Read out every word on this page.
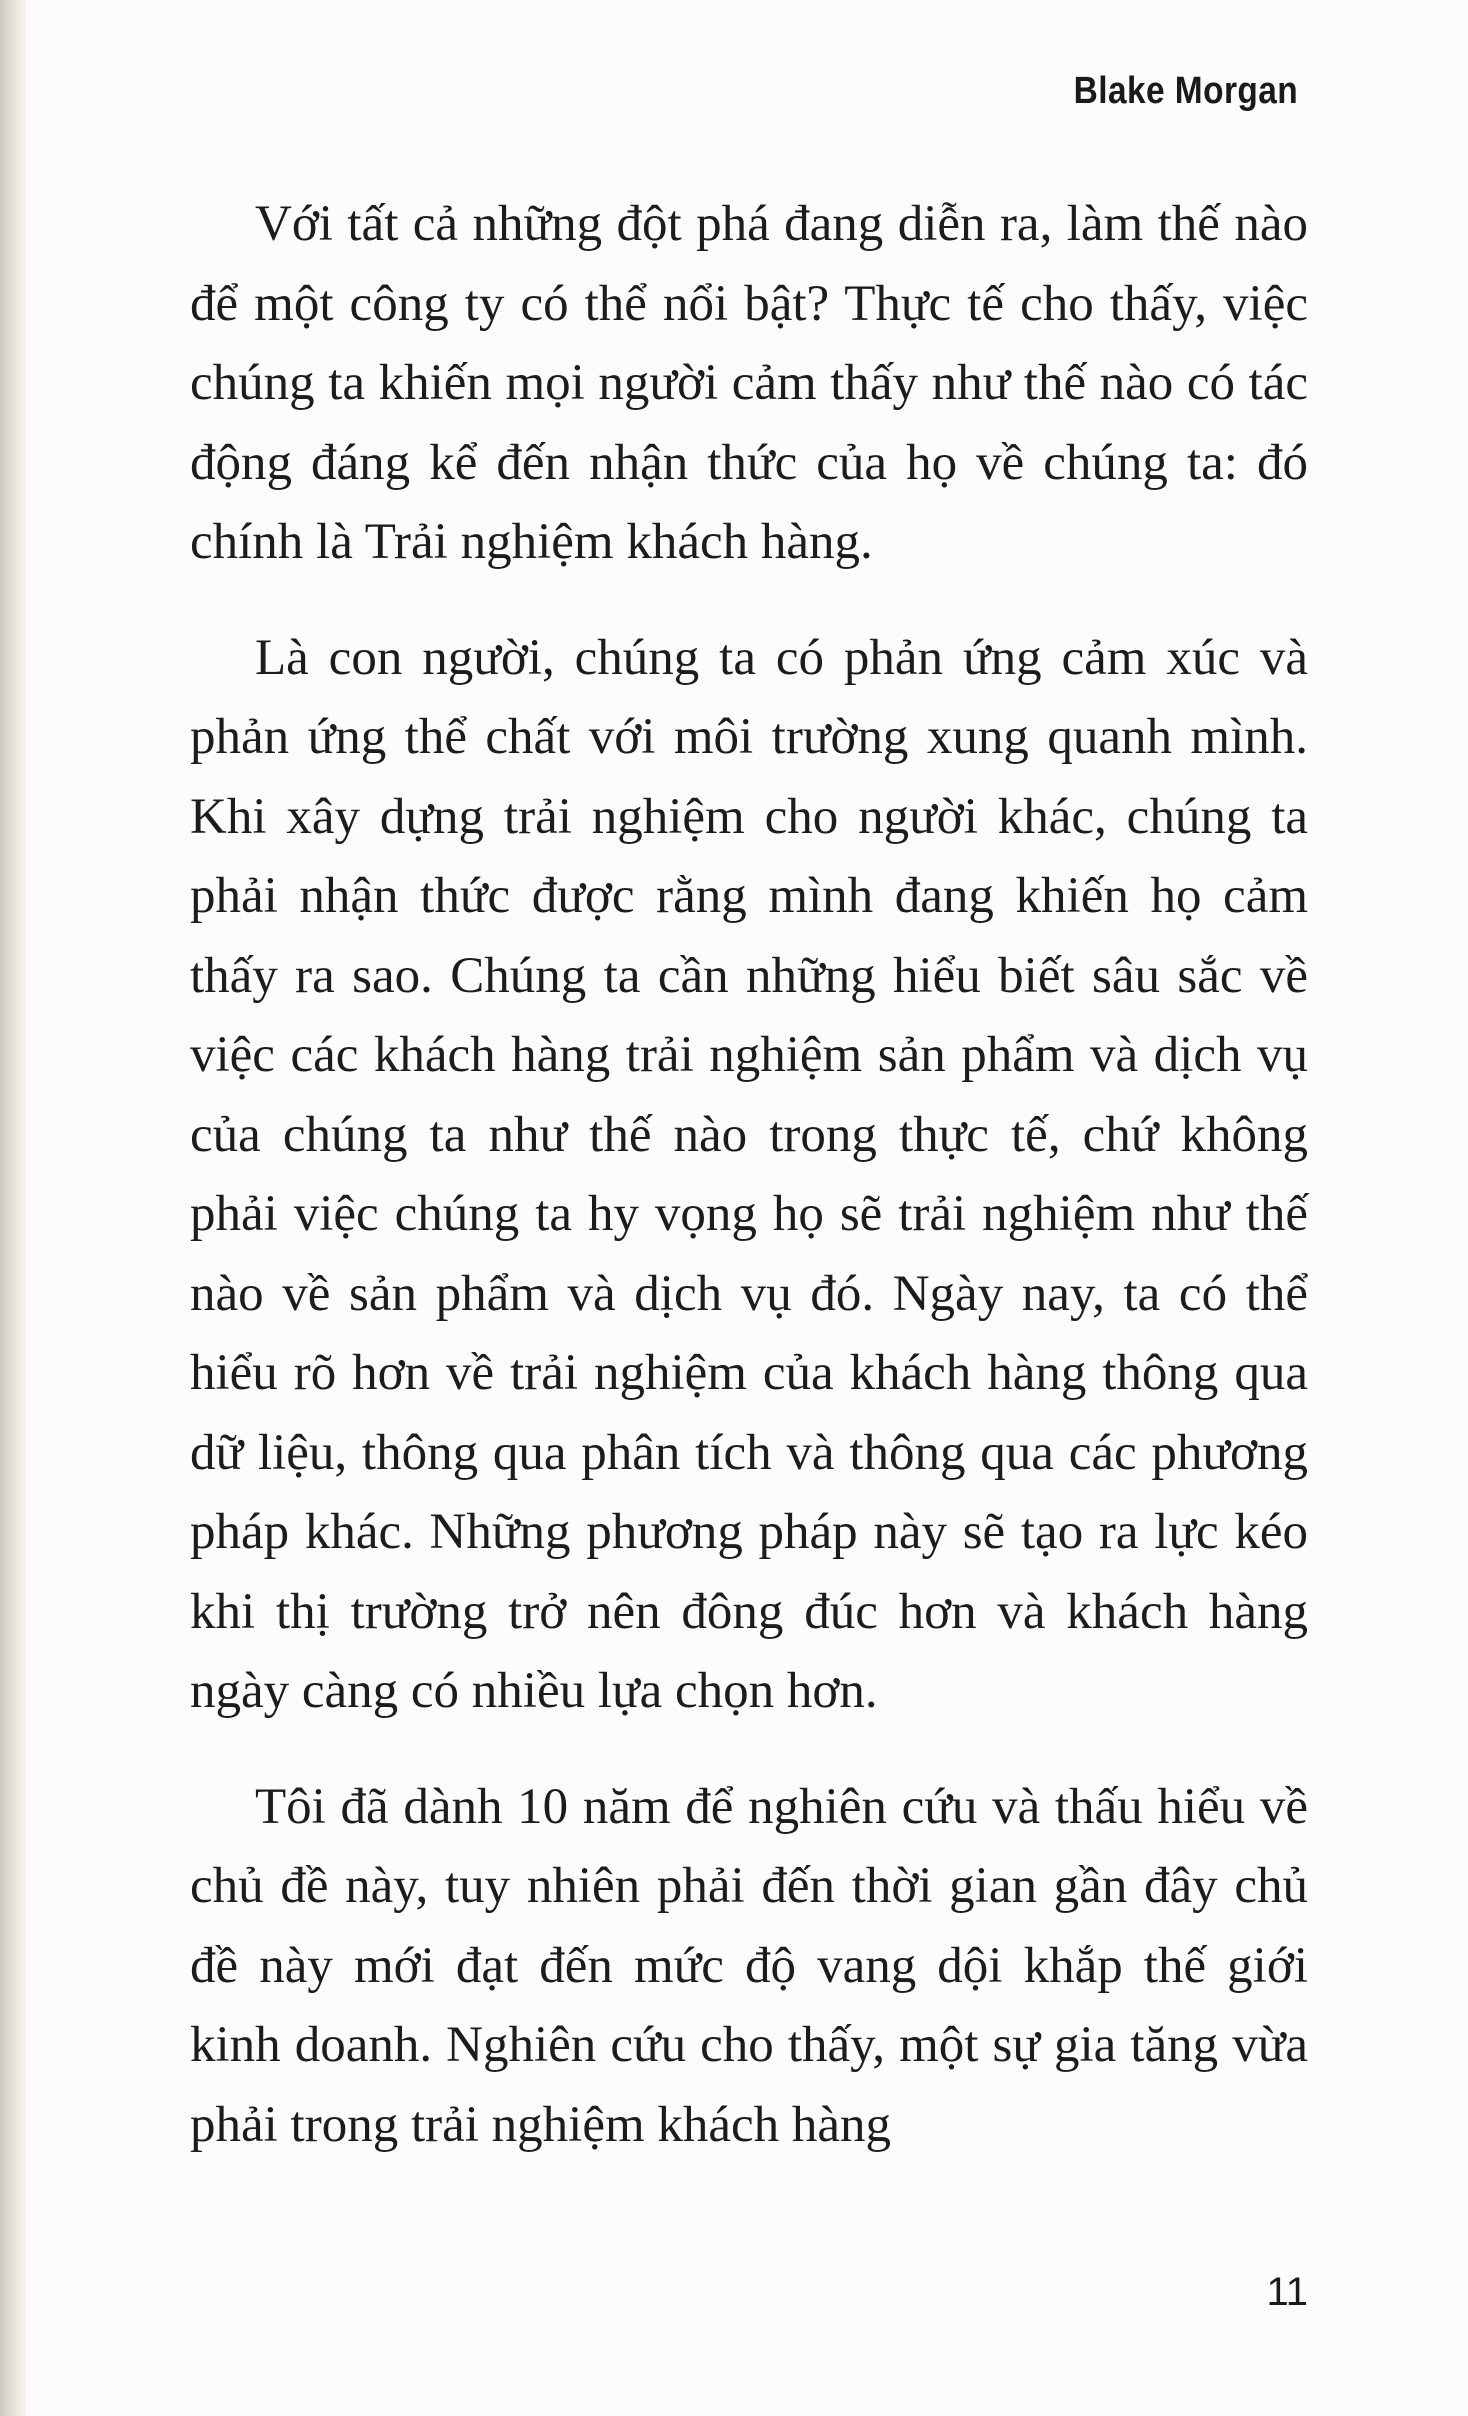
Blake Morgan

Với tất cả những đột phá đang diễn ra, làm thế nào để một công ty có thể nổi bật? Thực tế cho thấy, việc chúng ta khiến mọi người cảm thấy như thế nào có tác động đáng kể đến nhận thức của họ về chúng ta: đó chính là Trải nghiệm khách hàng.

Là con người, chúng ta có phản ứng cảm xúc và phản ứng thể chất với môi trường xung quanh mình. Khi xây dựng trải nghiệm cho người khác, chúng ta phải nhận thức được rằng mình đang khiến họ cảm thấy ra sao. Chúng ta cần những hiểu biết sâu sắc về việc các khách hàng trải nghiệm sản phẩm và dịch vụ của chúng ta như thế nào trong thực tế, chứ không phải việc chúng ta hy vọng họ sẽ trải nghiệm như thế nào về sản phẩm và dịch vụ đó. Ngày nay, ta có thể hiểu rõ hơn về trải nghiệm của khách hàng thông qua dữ liệu, thông qua phân tích và thông qua các phương pháp khác. Những phương pháp này sẽ tạo ra lực kéo khi thị trường trở nên đông đúc hơn và khách hàng ngày càng có nhiều lựa chọn hơn.

Tôi đã dành 10 năm để nghiên cứu và thấu hiểu về chủ đề này, tuy nhiên phải đến thời gian gần đây chủ đề này mới đạt đến mức độ vang dội khắp thế giới kinh doanh. Nghiên cứu cho thấy, một sự gia tăng vừa phải trong trải nghiệm khách hàng

11
